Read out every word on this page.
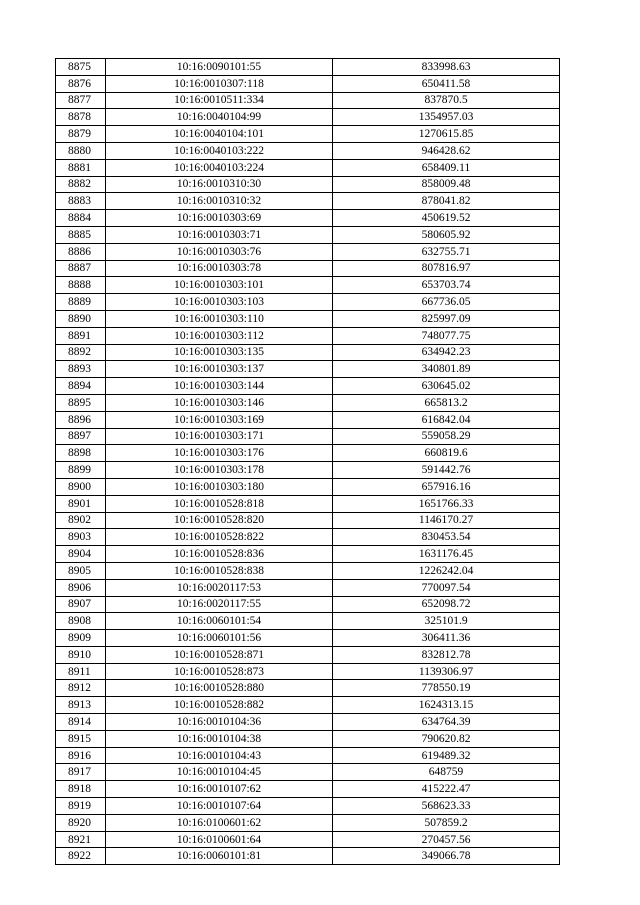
8875	10:16:0090101:55	833998.63
8876	10:16:0010307:118	650411.58
8877	10:16:0010511:334	837870.5
8878	10:16:0040104:99	1354957.03
8879	10:16:0040104:101	1270615.85
8880	10:16:0040103:222	946428.62
8881	10:16:0040103:224	658409.11
8882	10:16:0010310:30	858009.48
8883	10:16:0010310:32	878041.82
8884	10:16:0010303:69	450619.52
8885	10:16:0010303:71	580605.92
8886	10:16:0010303:76	632755.71
8887	10:16:0010303:78	807816.97
8888	10:16:0010303:101	653703.74
8889	10:16:0010303:103	667736.05
8890	10:16:0010303:110	825997.09
8891	10:16:0010303:112	748077.75
8892	10:16:0010303:135	634942.23
8893	10:16:0010303:137	340801.89
8894	10:16:0010303:144	630645.02
8895	10:16:0010303:146	665813.2
8896	10:16:0010303:169	616842.04
8897	10:16:0010303:171	559058.29
8898	10:16:0010303:176	660819.6
8899	10:16:0010303:178	591442.76
8900	10:16:0010303:180	657916.16
8901	10:16:0010528:818	1651766.33
8902	10:16:0010528:820	1146170.27
8903	10:16:0010528:822	830453.54
8904	10:16:0010528:836	1631176.45
8905	10:16:0010528:838	1226242.04
8906	10:16:0020117:53	770097.54
8907	10:16:0020117:55	652098.72
8908	10:16:0060101:54	325101.9
8909	10:16:0060101:56	306411.36
8910	10:16:0010528:871	832812.78
8911	10:16:0010528:873	1139306.97
8912	10:16:0010528:880	778550.19
8913	10:16:0010528:882	1624313.15
8914	10:16:0010104:36	634764.39
8915	10:16:0010104:38	790620.82
8916	10:16:0010104:43	619489.32
8917	10:16:0010104:45	648759
8918	10:16:0010107:62	415222.47
8919	10:16:0010107:64	568623.33
8920	10:16:0100601:62	507859.2
8921	10:16:0100601:64	270457.56
8922	10:16:0060101:81	349066.78
